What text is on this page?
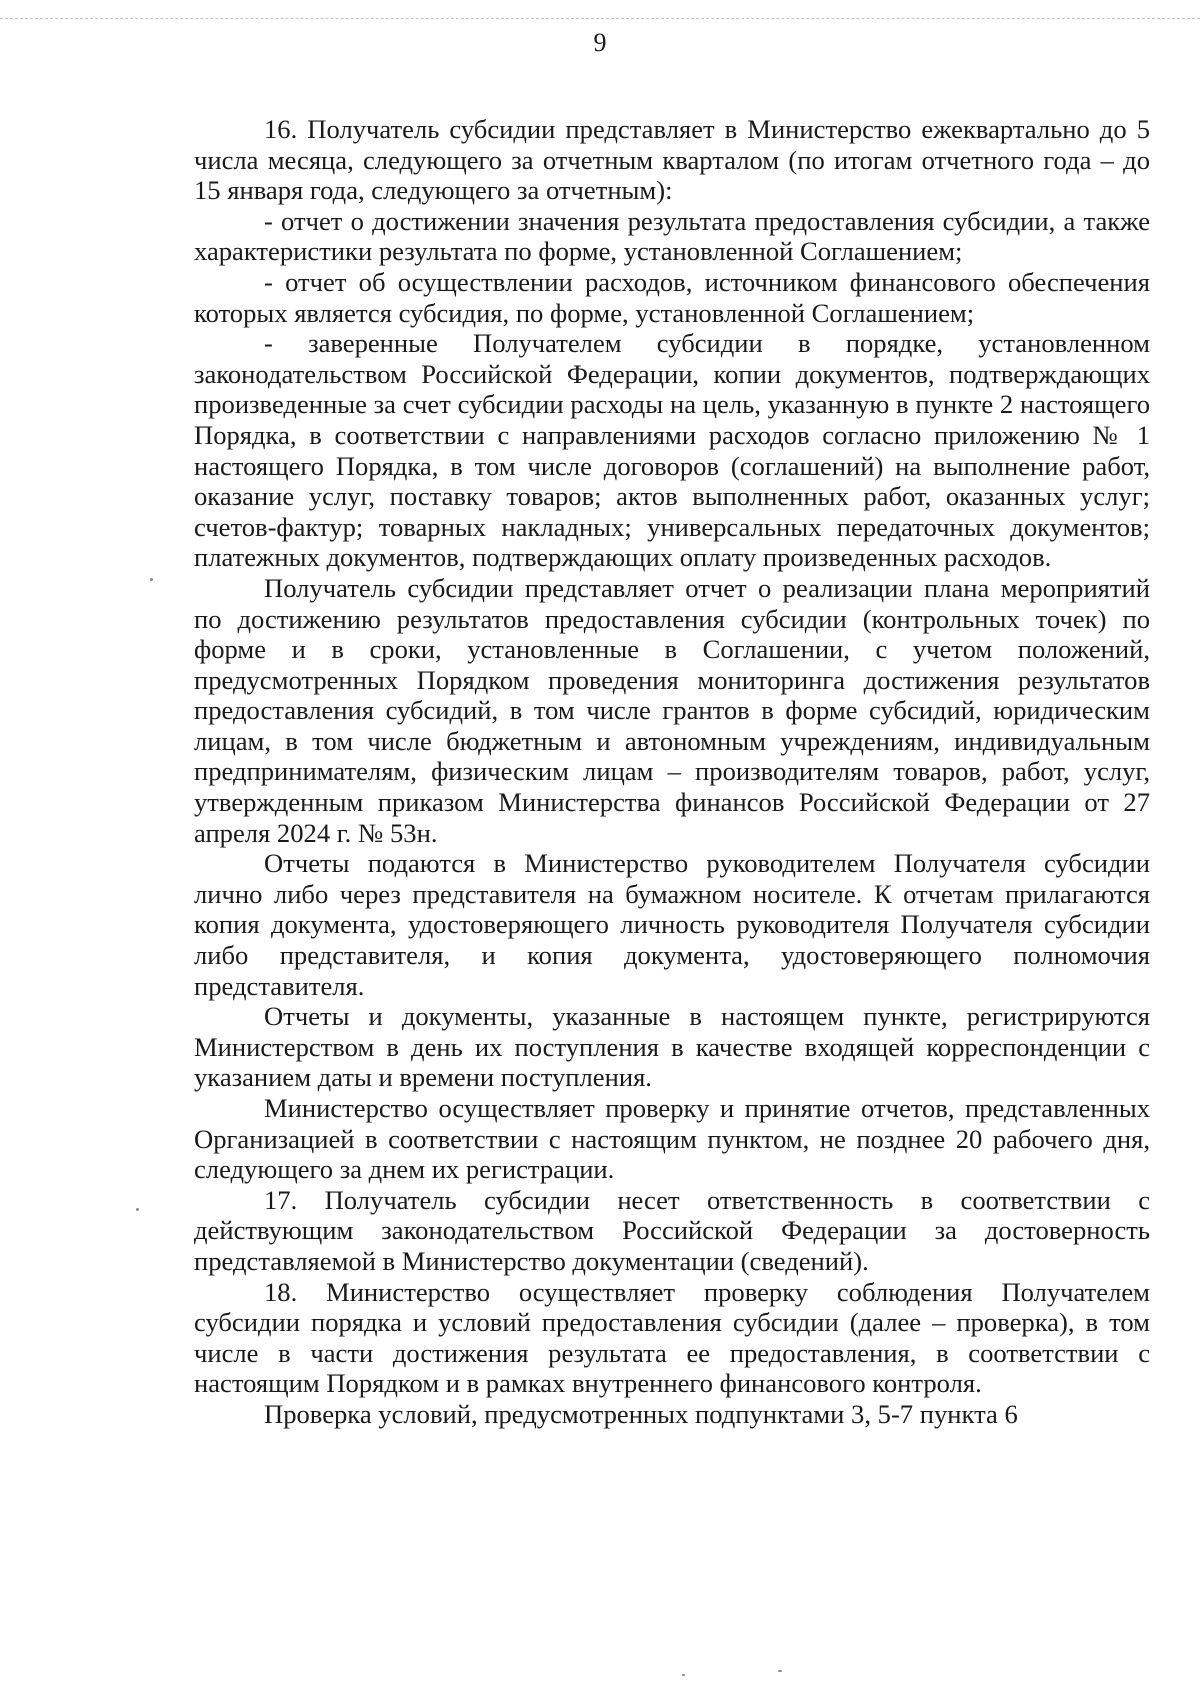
9

16. Получатель субсидии представляет в Министерство ежеквартально до 5 числа месяца, следующего за отчетным кварталом (по итогам отчетного года – до 15 января года, следующего за отчетным):

- отчет о достижении значения результата предоставления субсидии, а также характеристики результата по форме, установленной Соглашением;

- отчет об осуществлении расходов, источником финансового обеспечения которых является субсидия, по форме, установленной Соглашением;

- заверенные Получателем субсидии в порядке, установленном законодательством Российской Федерации, копии документов, подтверждающих произведенные за счет субсидии расходы на цель, указанную в пункте 2 настоящего Порядка, в соответствии с направлениями расходов согласно приложению № 1 настоящего Порядка, в том числе договоров (соглашений) на выполнение работ, оказание услуг, поставку товаров; актов выполненных работ, оказанных услуг; счетов-фактур; товарных накладных; универсальных передаточных документов; платежных документов, подтверждающих оплату произведенных расходов.

Получатель субсидии представляет отчет о реализации плана мероприятий по достижению результатов предоставления субсидии (контрольных точек) по форме и в сроки, установленные в Соглашении, с учетом положений, предусмотренных Порядком проведения мониторинга достижения результатов предоставления субсидий, в том числе грантов в форме субсидий, юридическим лицам, в том числе бюджетным и автономным учреждениям, индивидуальным предпринимателям, физическим лицам – производителям товаров, работ, услуг, утвержденным приказом Министерства финансов Российской Федерации от 27 апреля 2024 г. № 53н.

Отчеты подаются в Министерство руководителем Получателя субсидии лично либо через представителя на бумажном носителе. К отчетам прилагаются копия документа, удостоверяющего личность руководителя Получателя субсидии либо представителя, и копия документа, удостоверяющего полномочия представителя.

Отчеты и документы, указанные в настоящем пункте, регистрируются Министерством в день их поступления в качестве входящей корреспонденции с указанием даты и времени поступления.

Министерство осуществляет проверку и принятие отчетов, представленных Организацией в соответствии с настоящим пунктом, не позднее 20 рабочего дня, следующего за днем их регистрации.

17. Получатель субсидии несет ответственность в соответствии с действующим законодательством Российской Федерации за достоверность представляемой в Министерство документации (сведений).

18. Министерство осуществляет проверку соблюдения Получателем субсидии порядка и условий предоставления субсидии (далее – проверка), в том числе в части достижения результата ее предоставления, в соответствии с настоящим Порядком и в рамках внутреннего финансового контроля.

Проверка условий, предусмотренных подпунктами 3, 5-7 пункта 6
